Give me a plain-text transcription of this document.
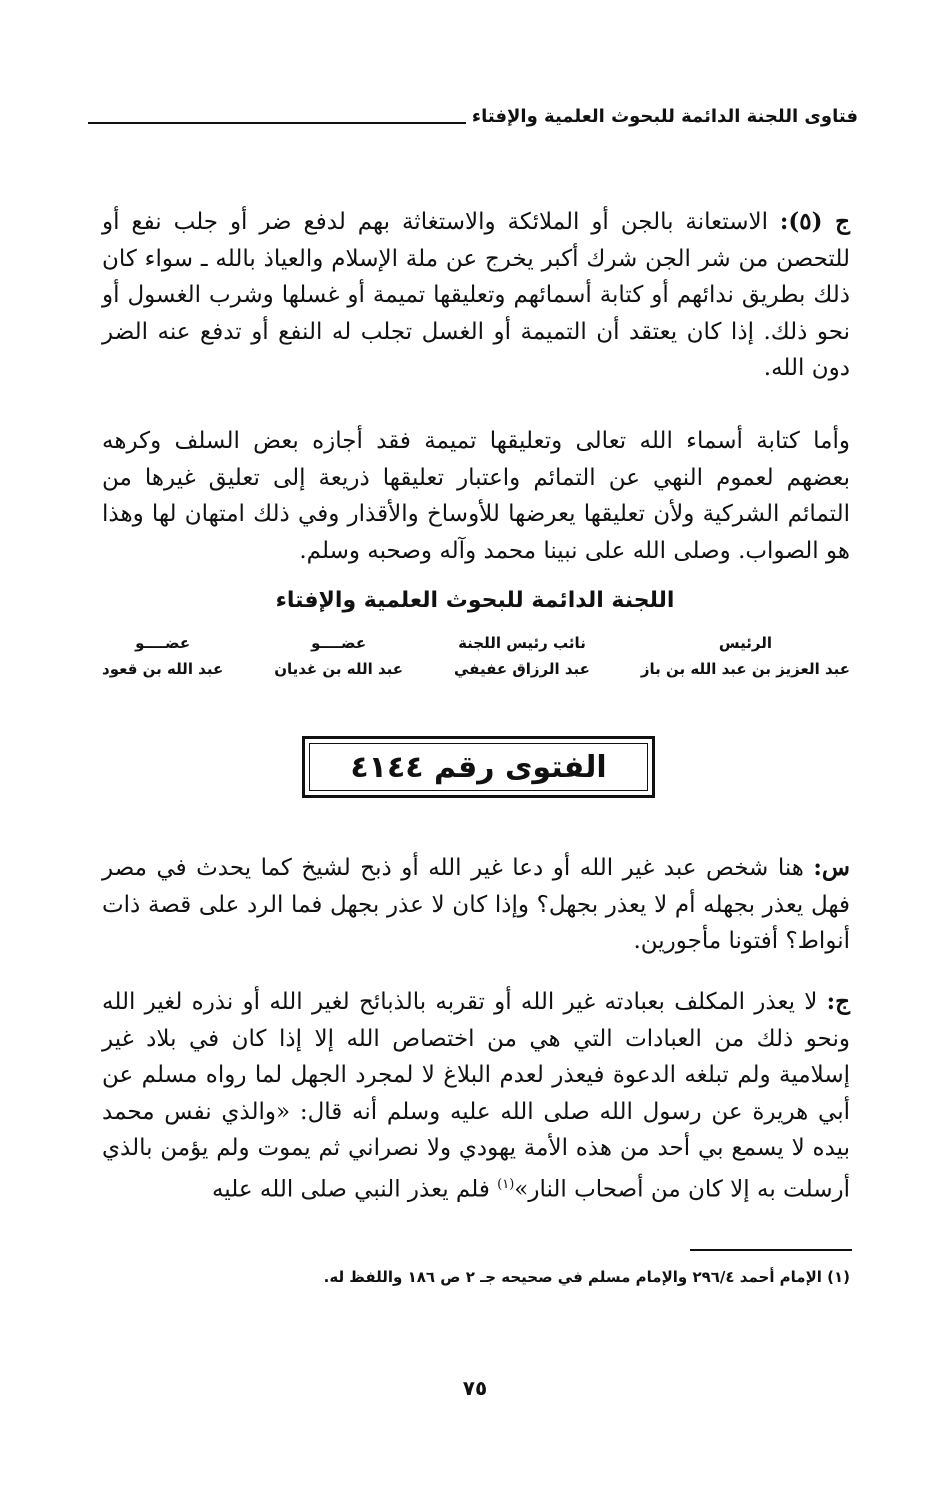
فتاوى اللجنة الدائمة للبحوث العلمية والإفتاء

ج (٥): الاستعانة بالجن أو الملائكة والاستغاثة بهم لدفع ضر أو جلب نفع أو للتحصن من شر الجن شرك أكبر يخرج عن ملة الإسلام والعياذ بالله ـ سواء كان ذلك بطريق ندائهم أو كتابة أسمائهم وتعليقها تميمة أو غسلها وشرب الغسول أو نحو ذلك. إذا كان يعتقد أن التميمة أو الغسل تجلب له النفع أو تدفع عنه الضر دون الله.

وأما كتابة أسماء الله تعالى وتعليقها تميمة فقد أجازه بعض السلف وكرهه بعضهم لعموم النهي عن التمائم واعتبار تعليقها ذريعة إلى تعليق غيرها من التمائم الشركية ولأن تعليقها يعرضها للأوساخ والأقذار وفي ذلك امتهان لها وهذا هو الصواب. وصلى الله على نبينا محمد وآله وصحبه وسلم.

اللجنة الدائمة للبحوث العلمية والإفتاء
الرئيس
عبد العزيز بن عبد الله بن باز
نائب رئيس اللجنة
عبد الرزاق عفيفي
عضــــو
عبد الله بن غديان
عضــــو
عبد الله بن قعود
الفتوى رقم ٤١٤٤

س: هنا شخص عبد غير الله أو دعا غير الله أو ذبح لشيخ كما يحدث في مصر فهل يعذر بجهله أم لا يعذر بجهل؟ وإذا كان لا عذر بجهل فما الرد على قصة ذات أنواط؟ أفتونا مأجورين.

ج: لا يعذر المكلف بعبادته غير الله أو تقربه بالذبائح لغير الله أو نذره لغير الله ونحو ذلك من العبادات التي هي من اختصاص الله إلا إذا كان في بلاد غير إسلامية ولم تبلغه الدعوة فيعذر لعدم البلاغ لا لمجرد الجهل لما رواه مسلم عن أبي هريرة عن رسول الله صلى الله عليه وسلم أنه قال: «والذي نفس محمد بيده لا يسمع بي أحد من هذه الأمة يهودي ولا نصراني ثم يموت ولم يؤمن بالذي أرسلت به إلا كان من أصحاب النار»$^{(١)}$ فلم يعذر النبي صلى الله عليه

(١) الإمام أحمد ٢٩٦/٤ والإمام مسلم في صحيحه جـ ٢ ص ١٨٦ واللفظ له.
٧٥
